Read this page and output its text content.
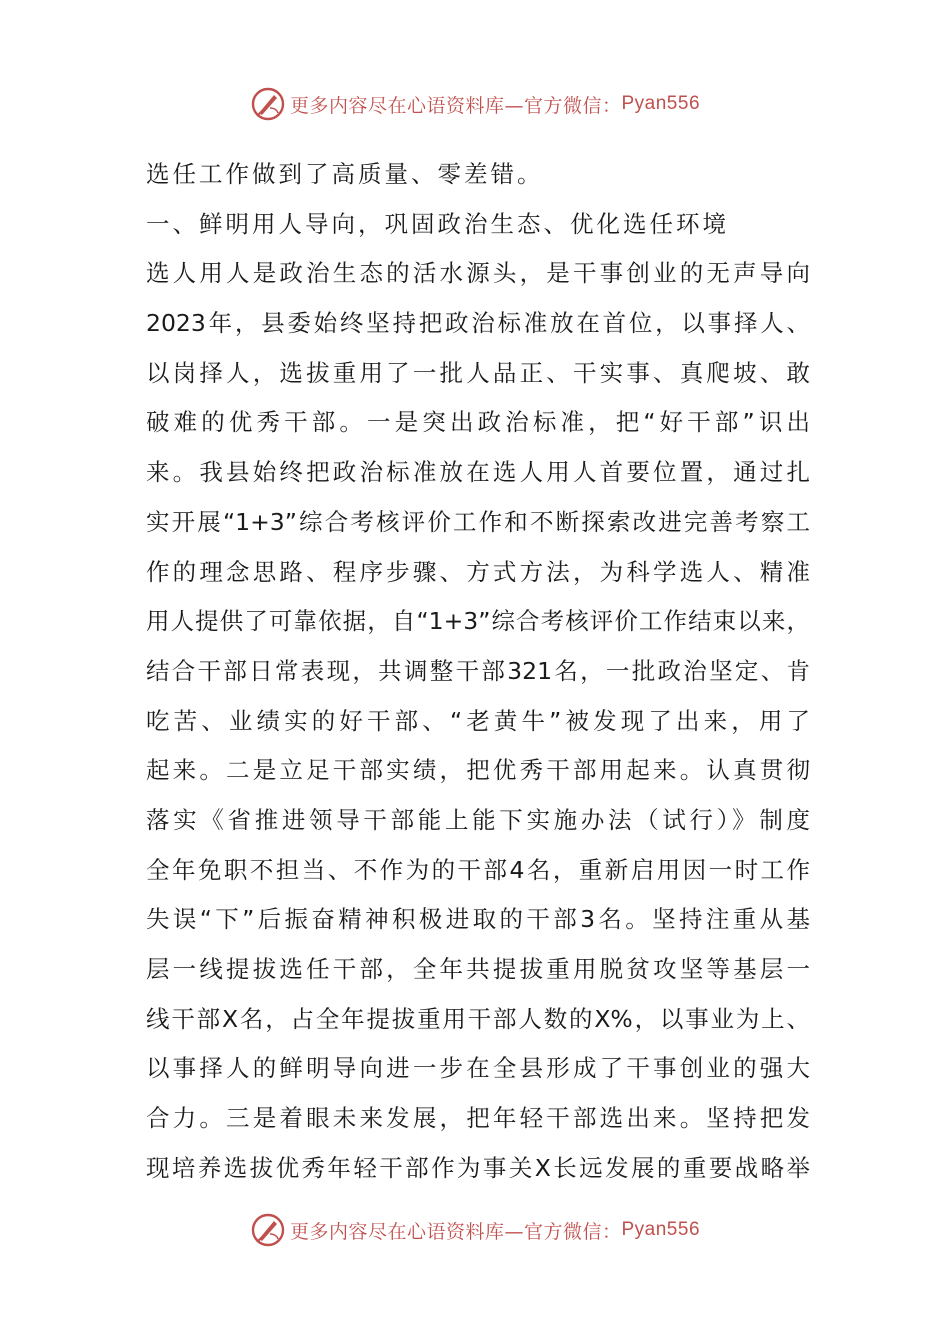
更多内容尽在心语资料库—官方微信： Pyan556
选任工作做到了高质量、零差错。
一、鲜明用人导向，巩固政治生态、优化选任环境
选人用人是政治生态的活水源头，是干事创业的无声导向
2023年，县委始终坚持把政治标准放在首位，以事择人、
以岗择人，选拔重用了一批人品正、干实事、真爬坡、敢
破难的优秀干部。一是突出政治标准，把“好干部”识出
来。我县始终把政治标准放在选人用人首要位置，通过扎
实开展“1+3”综合考核评价工作和不断探索改进完善考察工
作的理念思路、程序步骤、方式方法，为科学选人、精准
用人提供了可靠依据，自“1+3”综合考核评价工作结束以来，
结合干部日常表现，共调整干部321名，一批政治坚定、肯
吃苦、业绩实的好干部、“老黄牛”被发现了出来，用了
起来。二是立足干部实绩，把优秀干部用起来。认真贯彻
落实《省推进领导干部能上能下实施办法（试行）》制度
全年免职不担当、不作为的干部4名，重新启用因一时工作
失误“下”后振奋精神积极进取的干部3名。坚持注重从基
层一线提拔选任干部，全年共提拔重用脱贫攻坚等基层一
线干部X名，占全年提拔重用干部人数的X%，以事业为上、
以事择人的鲜明导向进一步在全县形成了干事创业的强大
合力。三是着眼未来发展，把年轻干部选出来。坚持把发
现培养选拔优秀年轻干部作为事关X长远发展的重要战略举
更多内容尽在心语资料库—官方微信： Pyan556
